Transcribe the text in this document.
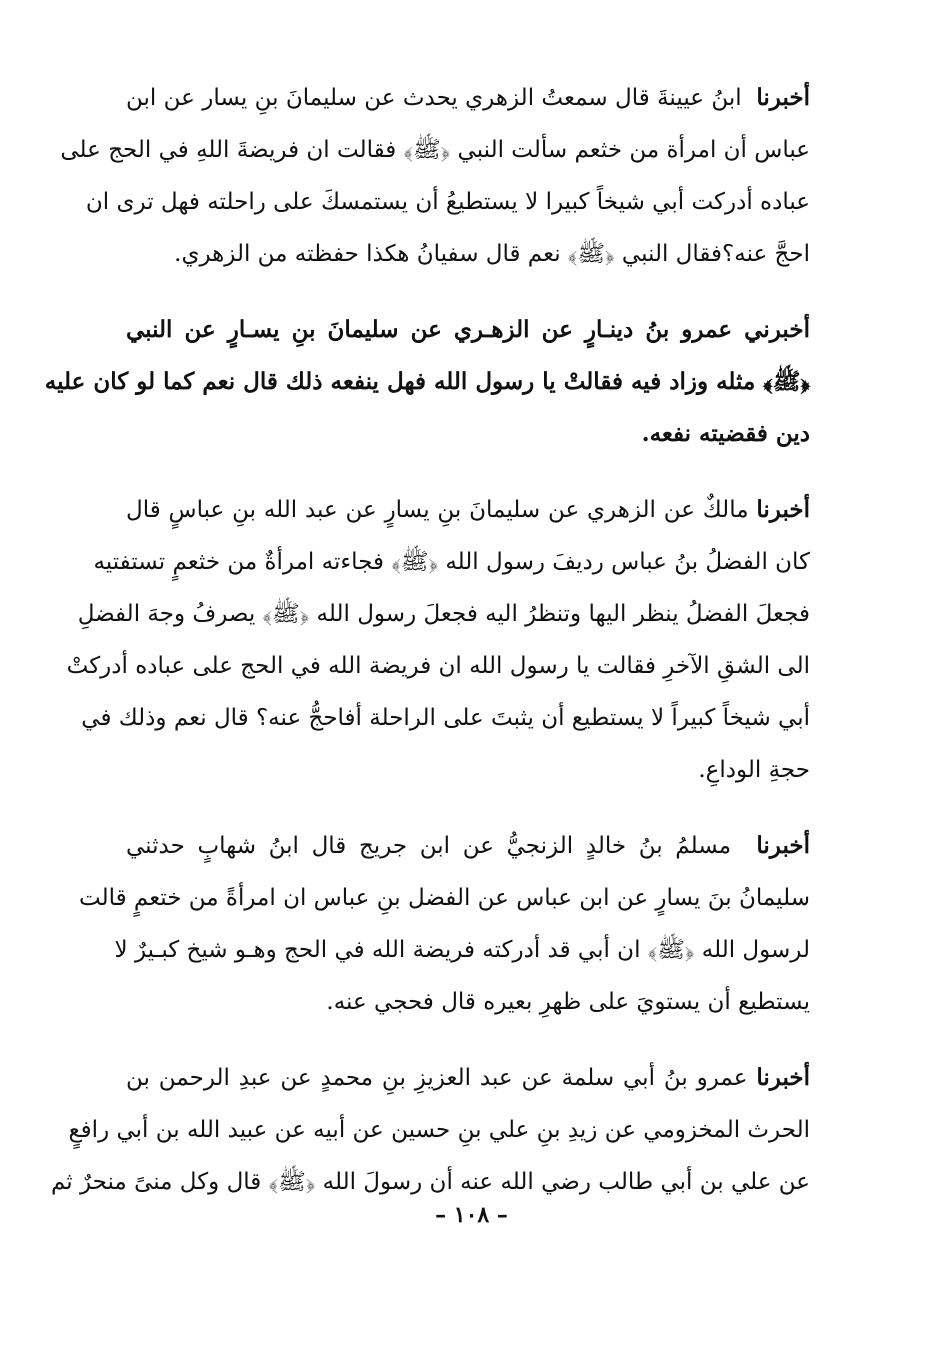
أخبرنا  ابنُ عيينةَ قال سمعتُ الزهري يحدث عن سليمانَ بنِ يسار عن ابن
عباس أن امرأة من خثعم سألت النبي ﴿ﷺ﴾ فقالت ان فريضةَ اللهِ في الحج على
عباده أدركت أبي شيخاً كبيرا لا يستطيعُ أن يستمسكَ على راحلته فهل ترى ان
احجَّ عنه؟فقال النبي ﴿ﷺ﴾ نعم قال سفيانُ هكذا حفظته من الزهري.
أخبرني عمرو بنُ دينـارٍ عن الزهـري عن سليمانَ بنِ يسـارٍ عن النبي
﴿ﷺ﴾ مثله وزاد فيه فقالتْ يا رسول الله فهل ينفعه ذلك قال نعم كما لو كان عليه
دين فقضيته نفعه.
أخبرنا مالكٌ عن الزهري عن سليمانَ بنِ يسارٍ عن عبد الله بنِ عباسٍ قال
كان الفضلُ بنُ عباس رديفَ رسول الله ﴿ﷺ﴾ فجاءته امرأةٌ من خثعمٍ تستفتيه
فجعلَ الفضلُ ينظر اليها وتنظرُ اليه فجعلَ رسول الله ﴿ﷺ﴾ يصرفُ وجهَ الفضلِ
الى الشقِ الآخرِ فقالت يا رسول الله ان فريضة الله في الحج على عباده أدركتْ
أبي شيخاً كبيراً لا يستطيع أن يثبتَ على الراحلة أفاحجُّ عنه؟ قال نعم وذلك في
حجةِ الوداعِ.
أخبرنا  مسلمُ بنُ خالدٍ الزنجيُّ عن ابن جريج قال ابنُ شهابٍ حدثني
سليمانُ بنَ يسارٍ عن ابن عباس عن الفضل بنِ عباس ان امرأةً من ختعمٍ قالت
لرسول الله ﴿ﷺ﴾ ان أبي قد أدركته فريضة الله في الحج وهـو شيخ كبـيرٌ لا
يستطيع أن يستويَ على ظهرِ بعيره قال فحجي عنه.
أخبرنا عمرو بنُ أبي سلمة عن عبد العزيزِ بنِ محمدٍ عن عبدِ الرحمن بن
الحرث المخزومي عن زيدِ بنِ علي بنِ حسين عن أبيه عن عبيد الله بن أبي رافعٍ
عن علي بن أبي طالب رضي الله عنه أن رسولَ الله ﴿ﷺ﴾ قال وكل منىً منحرٌ ثم
– ١٠٨ –
